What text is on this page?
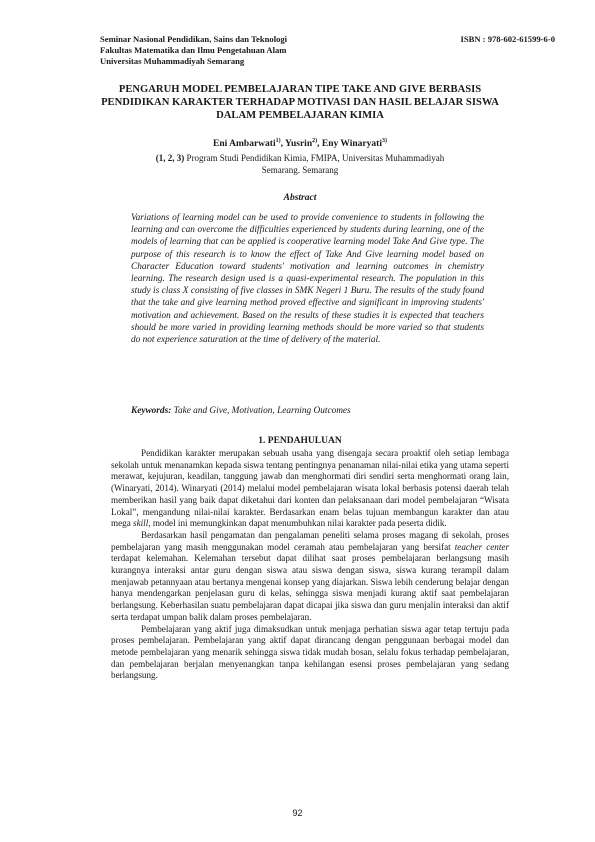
Seminar Nasional Pendidikan, Sains dan Teknologi
Fakultas Matematika dan Ilmu Pengetahuan Alam
Universitas Muhammadiyah Semarang
ISBN : 978-602-61599-6-0
PENGARUH MODEL PEMBELAJARAN TIPE TAKE AND GIVE BERBASIS PENDIDIKAN KARAKTER TERHADAP MOTIVASI DAN HASIL BELAJAR SISWA DALAM PEMBELAJARAN KIMIA
Eni Ambarwati$^{1)}$, Yusrin$^{2)}$, Eny Winaryati$^{3)}$
(1, 2, 3) Program Studi Pendidikan Kimia, FMIPA, Universitas Muhammadiyah
Semarang. Semarang
Abstract
Variations of learning model can be used to provide convenience to students in following the learning and can overcome the difficulties experienced by students during learning, one of the models of learning that can be applied is cooperative learning model Take And Give type. The purpose of this research is to know the effect of Take And Give learning model based on Character Education toward students' motivation and learning outcomes in chemistry learning. The research design used is a quasi-experimental research. The population in this study is class X consisting of five classes in SMK Negeri 1 Buru. The results of the study found that the take and give learning method proved effective and significant in improving students' motivation and achievement. Based on the results of these studies it is expected that teachers should be more varied in providing learning methods should be more varied so that students do not experience saturation at the time of delivery of the material.
Keywords: Take and Give, Motivation, Learning Outcomes
1. PENDAHULUAN

Pendidikan karakter merupakan sebuah usaha yang disengaja secara proaktif oleh setiap lembaga sekolah untuk menanamkan kepada siswa tentang pentingnya penanaman nilai-nilai etika yang utama seperti merawat, kejujuran, keadilan, tanggung jawab dan menghormati diri sendiri serta menghormati orang lain, (Winaryati, 2014). Winaryati (2014) melalui model pembelajaran wisata lokal berbasis potensi daerah telah memberikan hasil yang baik dapat diketahui dari konten dan pelaksanaan dari model pembelajaran “Wisata Lokal”, mengandung nilai-nilai karakter. Berdasarkan enam belas tujuan membangun karakter dan atau mega skill, model ini memungkinkan dapat menumbuhkan nilai karakter pada peserta didik.

Berdasarkan hasil pengamatan dan pengalaman peneliti selama proses magang di sekolah, proses pembelajaran yang masih menggunakan model ceramah atau pembelajaran yang bersifat teacher center terdapat kelemahan. Kelemahan tersebut dapat dilihat saat proses pembelajaran berlangsung masih kurangnya interaksi antar guru dengan siswa atau siswa dengan siswa, siswa kurang terampil dalam menjawab petannyaan atau bertanya mengenai konsep yang diajarkan. Siswa lebih cenderung belajar dengan hanya mendengarkan penjelasan guru di kelas, sehingga siswa menjadi kurang aktif saat pembelajaran berlangsung. Keberhasilan suatu pembelajaran dapat dicapai jika siswa dan guru menjalin interaksi dan aktif serta terdapat umpan balik dalam proses pembelajaran.

Pembelajaran yang aktif juga dimaksudkan untuk menjaga perhatian siswa agar tetap tertuju pada proses pembelajaran. Pembelajaran yang aktif dapat dirancang dengan penggunaan berbagai model dan metode pembelajaran yang menarik sehingga siswa tidak mudah bosan, selalu fokus terhadap pembelajaran, dan pembelajaran berjalan menyenangkan tanpa kehilangan esensi proses pembelajaran yang sedang berlangsung.

92
